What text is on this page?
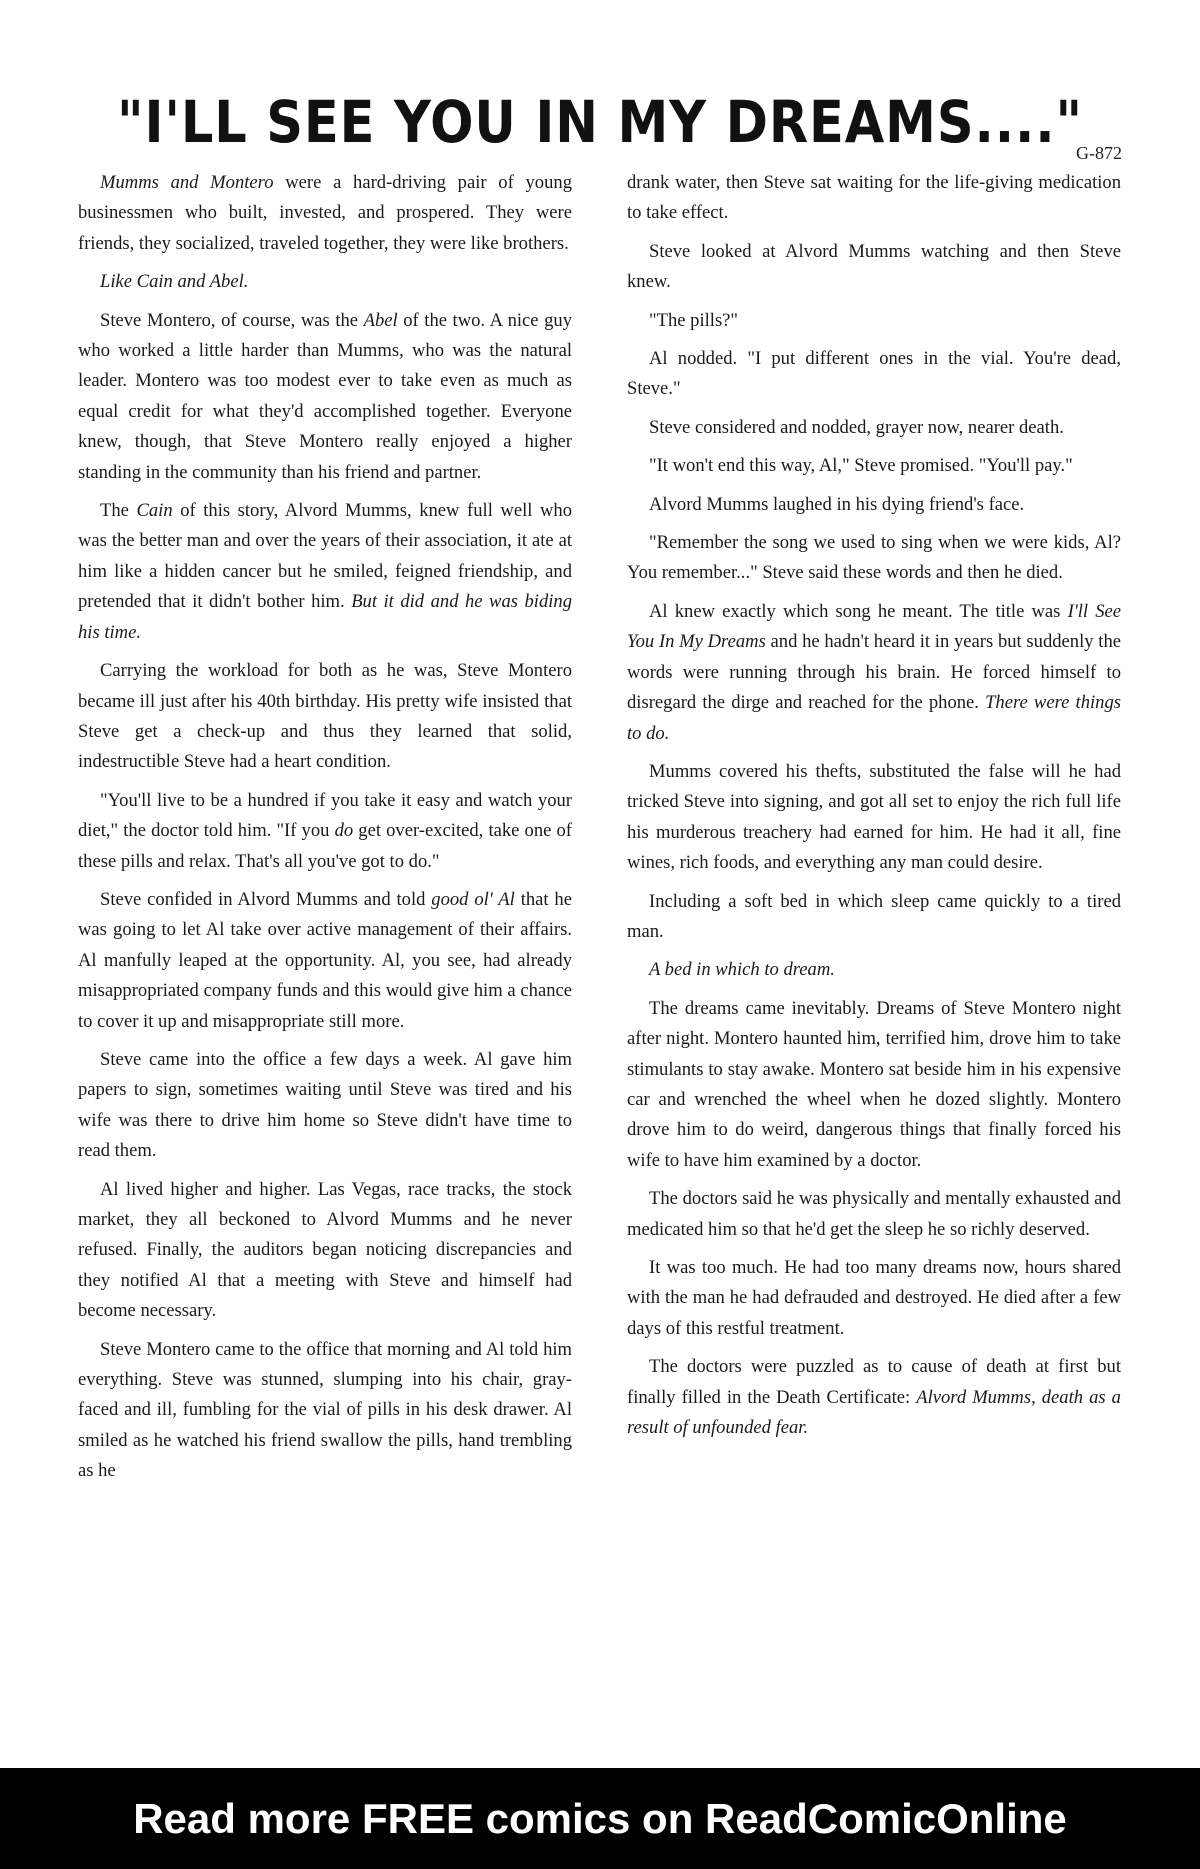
"I'LL SEE YOU IN MY DREAMS...."
G-872

Mumms and Montero were a hard-driving pair of young businessmen who built, invested, and prospered. They were friends, they socialized, traveled together, they were like brothers.

Like Cain and Abel.

Steve Montero, of course, was the Abel of the two. A nice guy who worked a little harder than Mumms, who was the natural leader. Montero was too modest ever to take even as much as equal credit for what they'd accomplished together. Everyone knew, though, that Steve Montero really enjoyed a higher standing in the community than his friend and partner.

The Cain of this story, Alvord Mumms, knew full well who was the better man and over the years of their association, it ate at him like a hidden cancer but he smiled, feigned friendship, and pretended that it didn't bother him. But it did and he was biding his time.

Carrying the workload for both as he was, Steve Montero became ill just after his 40th birthday. His pretty wife insisted that Steve get a check-up and thus they learned that solid, indestructible Steve had a heart condition.

"You'll live to be a hundred if you take it easy and watch your diet," the doctor told him. "If you do get over-excited, take one of these pills and relax. That's all you've got to do."

Steve confided in Alvord Mumms and told good ol' Al that he was going to let Al take over active management of their affairs. Al manfully leaped at the opportunity. Al, you see, had already misappropriated company funds and this would give him a chance to cover it up and misappropriate still more.

Steve came into the office a few days a week. Al gave him papers to sign, sometimes waiting until Steve was tired and his wife was there to drive him home so Steve didn't have time to read them.

Al lived higher and higher. Las Vegas, race tracks, the stock market, they all beckoned to Alvord Mumms and he never refused. Finally, the auditors began noticing discrepancies and they notified Al that a meeting with Steve and himself had become necessary.

Steve Montero came to the office that morning and Al told him everything. Steve was stunned, slumping into his chair, gray-faced and ill, fumbling for the vial of pills in his desk drawer. Al smiled as he watched his friend swallow the pills, hand trembling as he

drank water, then Steve sat waiting for the life-giving medication to take effect.

Steve looked at Alvord Mumms watching and then Steve knew.

"The pills?"

Al nodded. "I put different ones in the vial. You're dead, Steve."

Steve considered and nodded, grayer now, nearer death.

"It won't end this way, Al," Steve promised. "You'll pay."

Alvord Mumms laughed in his dying friend's face.

"Remember the song we used to sing when we were kids, Al? You remember..." Steve said these words and then he died.

Al knew exactly which song he meant. The title was I'll See You In My Dreams and he hadn't heard it in years but suddenly the words were running through his brain. He forced himself to disregard the dirge and reached for the phone. There were things to do.

Mumms covered his thefts, substituted the false will he had tricked Steve into signing, and got all set to enjoy the rich full life his murderous treachery had earned for him. He had it all, fine wines, rich foods, and everything any man could desire.

Including a soft bed in which sleep came quickly to a tired man.

A bed in which to dream.

The dreams came inevitably. Dreams of Steve Montero night after night. Montero haunted him, terrified him, drove him to take stimulants to stay awake. Montero sat beside him in his expensive car and wrenched the wheel when he dozed slightly. Montero drove him to do weird, dangerous things that finally forced his wife to have him examined by a doctor.

The doctors said he was physically and mentally exhausted and medicated him so that he'd get the sleep he so richly deserved.

It was too much. He had too many dreams now, hours shared with the man he had defrauded and destroyed. He died after a few days of this restful treatment.

The doctors were puzzled as to cause of death at first but finally filled in the Death Certificate: Alvord Mumms, death as a result of unfounded fear.

Read more FREE comics on ReadComicOnline
